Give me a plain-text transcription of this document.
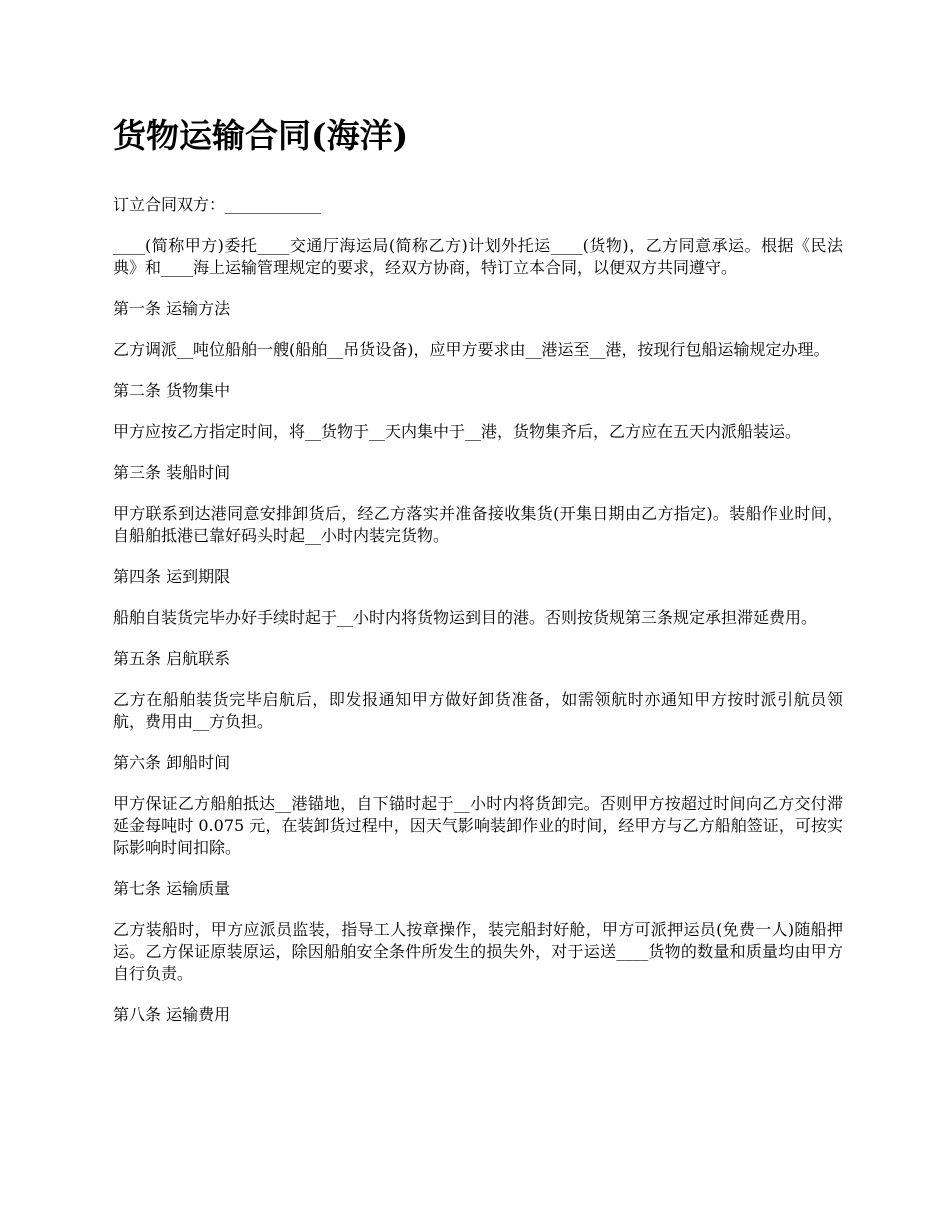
货物运输合同(海洋)

订立合同双方：____________

____(简称甲方)委托____交通厅海运局(简称乙方)计划外托运____(货物)，乙方同意承运。根据《民法典》和____海上运输管理规定的要求，经双方协商，特订立本合同，以便双方共同遵守。

第一条 运输方法

乙方调派__吨位船舶一艘(船舶__吊货设备)，应甲方要求由__港运至__港，按现行包船运输规定办理。

第二条 货物集中

甲方应按乙方指定时间，将__货物于__天内集中于__港，货物集齐后，乙方应在五天内派船装运。

第三条 装船时间

甲方联系到达港同意安排卸货后，经乙方落实并准备接收集货(开集日期由乙方指定)。装船作业时间，自船舶抵港已靠好码头时起__小时内装完货物。

第四条 运到期限

船舶自装货完毕办好手续时起于__小时内将货物运到目的港。否则按货规第三条规定承担滞延费用。

第五条 启航联系

乙方在船舶装货完毕启航后，即发报通知甲方做好卸货准备，如需领航时亦通知甲方按时派引航员领航，费用由__方负担。

第六条 卸船时间

甲方保证乙方船舶抵达__港锚地，自下锚时起于__小时内将货卸完。否则甲方按超过时间向乙方交付滞延金每吨时 0.075 元，在装卸货过程中，因天气影响装卸作业的时间，经甲方与乙方船舶签证，可按实际影响时间扣除。

第七条 运输质量

乙方装船时，甲方应派员监装，指导工人按章操作，装完船封好舱，甲方可派押运员(免费一人)随船押运。乙方保证原装原运，除因船舶安全条件所发生的损失外，对于运送____货物的数量和质量均由甲方自行负责。

第八条 运输费用
